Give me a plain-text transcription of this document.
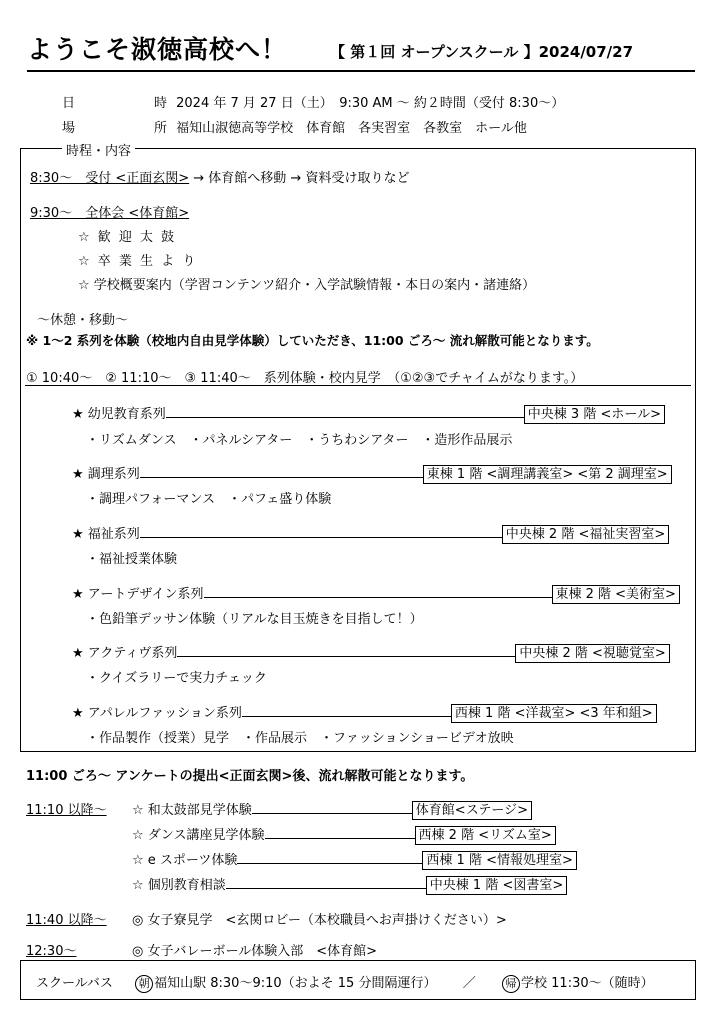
ようこそ淑徳高校へ！	【 第１回 オープンスクール 】2024/07/27
日　時 2024 年 7 月 27 日（土）　9:30 AM 〜 約２時間（受付 8:30〜）
場　所 福知山淑徳高等学校　体育館　各実習室　各教室　ホール他
時程・内容
8:30〜　受付 <正面玄関> → 体育館へ移動 → 資料受け取りなど
9:30〜　全体会 <体育館>
☆ 歓 迎 太 鼓
☆ 卒 業 生 よ り
☆ 学校概要案内（学習コンテンツ紹介・入学試験情報・本日の案内・諸連絡）
〜休憩・移動〜
※ 1〜2 系列を体験（校地内自由見学体験）していただき、11:00 ごろ〜 流れ解散可能となります。
① 10:40〜　② 11:10〜　③ 11:40〜　系列体験・校内見学　（①②③でチャイムがなります。）
★ 幼児教育系列	中央棟 3 階 <ホール>
・リズムダンス　・パネルシアター　・うちわシアター　・造形作品展示
★ 調理系列	東棟 1 階 <調理講義室> <第 2 調理室>
・調理パフォーマンス　・パフェ盛り体験
★ 福祉系列	中央棟 2 階 <福祉実習室>
・福祉授業体験
★ アートデザイン系列	東棟 2 階 <美術室>
・色鉛筆デッサン体験（リアルな目玉焼きを目指して！）
★ アクティヴ系列	中央棟 2 階 <視聴覚室>
・クイズラリーで実力チェック
★ アパレルファッション系列	西棟 1 階 <洋裁室> <3 年和組>
・作品製作（授業）見学　・作品展示　・ファッションショービデオ放映
11:00 ごろ〜 アンケートの提出<正面玄関>後、流れ解散可能となります。
11:10 以降〜 ☆ 和太鼓部見学体験	体育館<ステージ>
☆ ダンス講座見学体験	西棟 2 階 <リズム室>
☆ e スポーツ体験	西棟 1 階 <情報処理室>
☆ 個別教育相談	中央棟 1 階 <図書室>
11:40 以降〜 ◎ 女子寮見学　<玄関ロビー（本校職員へお声掛けください）>
12:30〜	◎ 女子バレーボール体験入部　<体育館>
スクールバス 朝 福知山駅 8:30〜9:10（およそ 15 分間隔運行） ／	帰 学校 11:30〜（随時）
